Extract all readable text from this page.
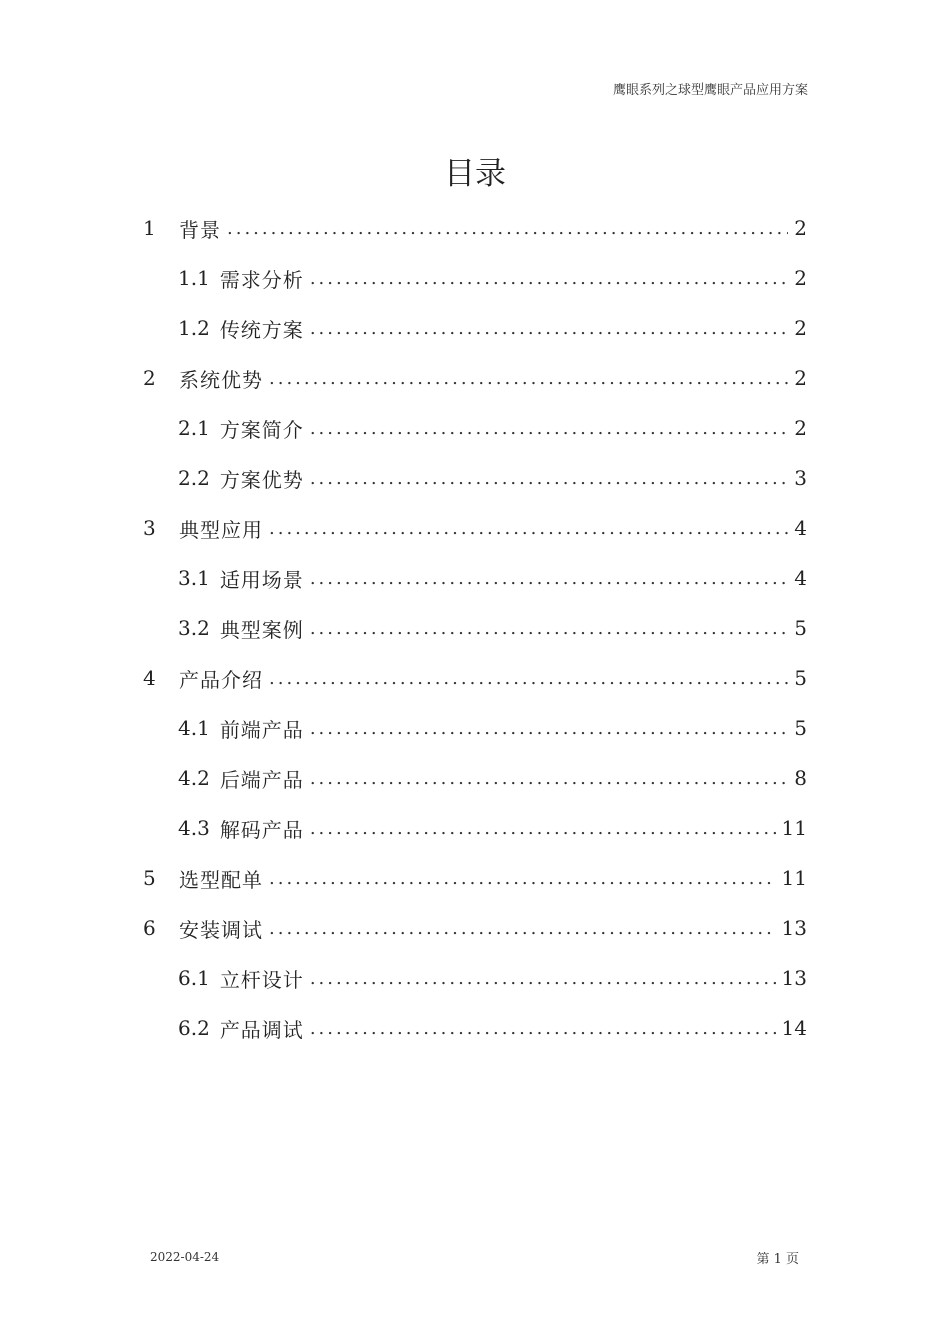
鹰眼系列之球型鹰眼产品应用方案
目录
1	背景 .....	2
1.1 需求分析 .....	2
1.2 传统方案 .....	2
2	系统优势 .....	2
2.1 方案简介 .....	2
2.2 方案优势 .....	3
3	典型应用 .....	4
3.1 适用场景 .....	4
3.2 典型案例 .....	5
4	产品介绍 .....	5
4.1 前端产品 .....	5
4.2 后端产品 .....	8
4.3 解码产品 .....	11
5	选型配单 .....	11
6	安装调试 .....	13
6.1 立杆设计 .....	13
6.2 产品调试 .....	14
2022-04-24	第 1 页
